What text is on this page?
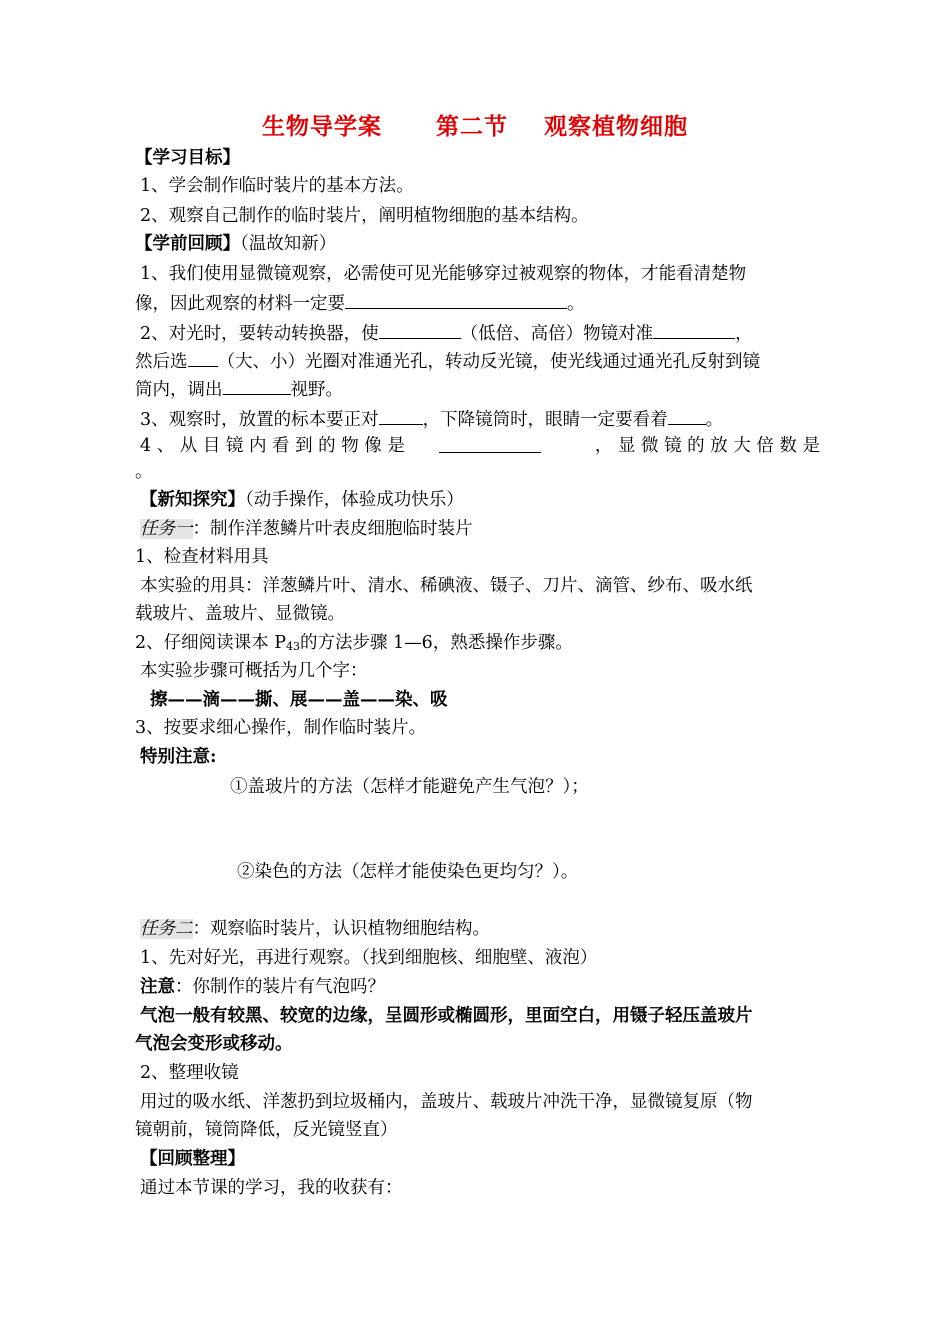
生物导学案      第二节    观察植物细胞
【学习目标】
1、学会制作临时装片的基本方法。
2、观察自己制作的临时装片，阐明植物细胞的基本结构。
【学前回顾】（温故知新）
1、我们使用显微镜观察，必需使可见光能够穿过被观察的物体，才能看清楚物
像，因此观察的材料一定要	。
2、对光时，要转动转换器，使	（低倍、高倍）物镜对准	，
然后选 （大、小）光圈对准通光孔，转动反光镜，使光线通过通光孔反射到镜
筒内，调出	视野。
3、观察时，放置的标本要正对	，下降镜筒时，眼睛一定要看着 。
4 、 从 目 镜 内 看 到 的 物 像 是	， 显 微 镜 的 放 大 倍 数 是
。
【新知探究】（动手操作，体验成功快乐）
任务一：制作洋葱鳞片叶表皮细胞临时装片
1、检查材料用具
本实验的用具：洋葱鳞片叶、清水、稀碘液、镊子、刀片、滴管、纱布、吸水纸
载玻片、盖玻片、显微镜。
2、仔细阅读课本 P43的方法步骤 1—6，熟悉操作步骤。
本实验步骤可概括为几个字：
擦——滴——撕、展——盖——染、吸
3、按要求细心操作，制作临时装片。
特别注意:
①盖玻片的方法（怎样才能避免产生气泡？）；
②染色的方法（怎样才能使染色更均匀？）。
任务二：观察临时装片，认识植物细胞结构。
1、先对好光，再进行观察。（找到细胞核、细胞壁、液泡）
注意：你制作的装片有气泡吗？
气泡一般有较黑、较宽的边缘，呈圆形或椭圆形，里面空白，用镊子轻压盖玻片
气泡会变形或移动。
2、整理收镜
用过的吸水纸、洋葱扔到垃圾桶内，盖玻片、载玻片冲洗干净，显微镜复原（物
镜朝前，镜筒降低，反光镜竖直）
【回顾整理】
通过本节课的学习，我的收获有：
